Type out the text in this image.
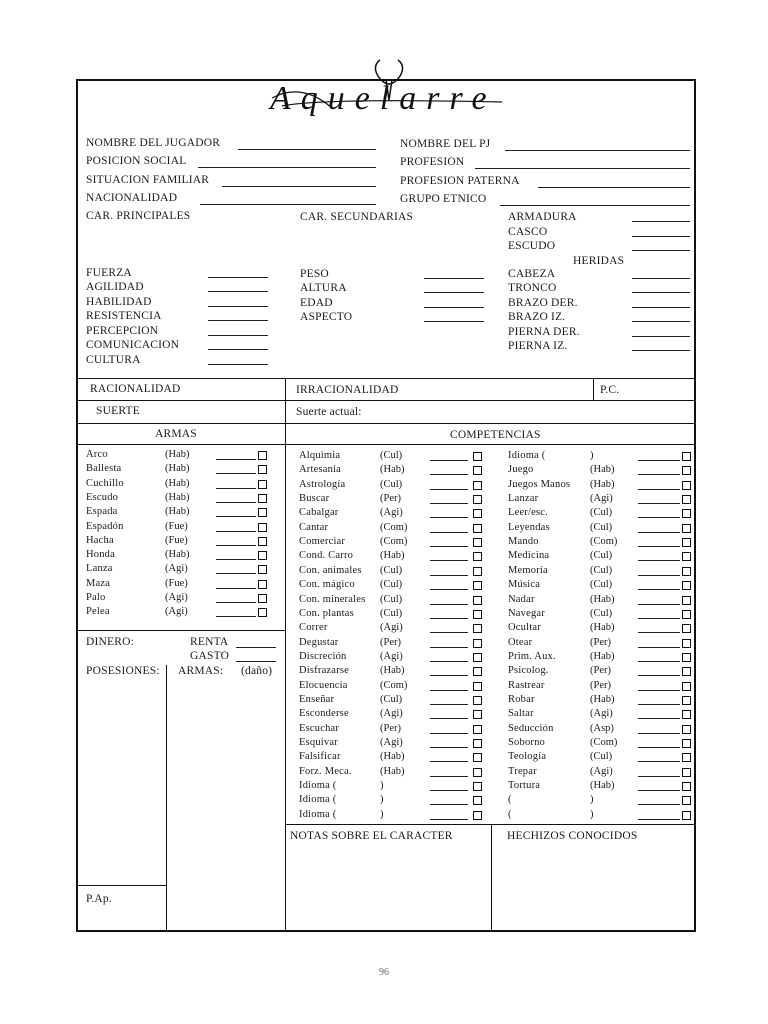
Aquelarre
NOMBRE DEL JUGADOR
POSICION SOCIAL
SITUACION FAMILIAR
NACIONALIDAD
NOMBRE DEL PJ
PROFESION
PROFESION PATERNA
GRUPO ETNICO
CAR. PRINCIPALES	CAR. SECUNDARIAS	ARMADURA
CASCO
ESCUDO
HERIDAS
FUERZA
AGILIDAD
HABILIDAD
RESISTENCIA
PERCEPCION
COMUNICACION
CULTURA
PESO
ALTURA
EDAD
ASPECTO
CABEZA
TRONCO
BRAZO DER.
BRAZO IZ.
PIERNA DER.
PIERNA IZ.
RACIONALIDAD	IRRACIONALIDAD	P.C.
SUERTE	Suerte actual:
ARMAS	COMPETENCIAS
Arco	(Hab)
Ballesta	(Hab)
Cuchillo	(Hab)
Escudo	(Hab)
Espada	(Hab)
Espadón	(Fue)
Hacha	(Fue)
Honda	(Hab)
Lanza	(Agi)
Maza	(Fue)
Palo	(Agi)
Pelea	(Agi)
Alquimia	(Cul)
Artesanía	(Hab)
Astrología	(Cul)
Buscar	(Per)
Cabalgar	(Agi)
Cantar	(Com)
Comerciar	(Com)
Cond. Carro	(Hab)
Con. animales (Cul)
Con. mágico (Cul)
Con. minerales (Cul)
Con. plantas (Cul)
Correr	(Agi)
Degustar	(Per)
Discreción	(Agi)
Disfrazarse	(Hab)
Elocuencia	(Com)
Enseñar	(Cul)
Esconderse	(Agi)
Escuchar	(Per)
Esquivar	(Agi)
Falsificar	(Hab)
Forz. Meca.	(Hab)
Idioma (	)
Idioma (	)
Idioma (	)
Idioma (	)
Juego	(Hab)
Juegos Manos (Hab)
Lanzar	(Agi)
Leer/esc.	(Cul)
Leyendas	(Cul)
Mando	(Com)
Medicina	(Cul)
Memoria	(Cul)
Música	(Cul)
Nadar	(Hab)
Navegar	(Cul)
Ocultar	(Hab)
Otear	(Per)
Prim. Aux.	(Hab)
Psicolog.	(Per)
Rastrear	(Per)
Robar	(Hab)
Saltar	(Agi)
Seducción	(Asp)
Soborno	(Com)
Teología	(Cul)
Trepar	(Agi)
Tortura	(Hab)
(	)
(	)
DINERO:	RENTA
GASTO
POSESIONES: ARMAS: (daño)
P.Ap.
NOTAS SOBRE EL CARACTER	HECHIZOS CONOCIDOS
96
